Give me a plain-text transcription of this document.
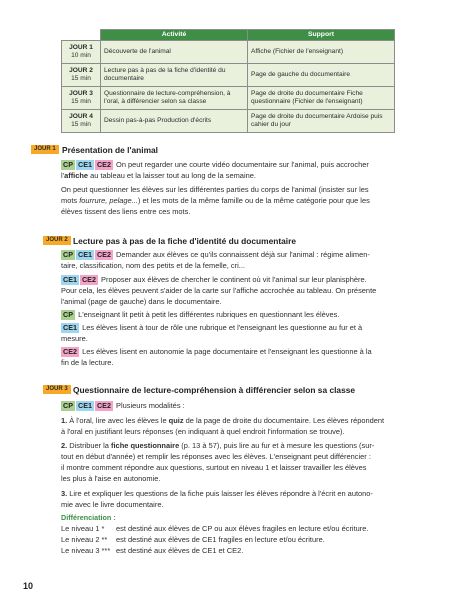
	Activité	Support

JOUR 1
10 min	Découverte de l'animal	Affiche (Fichier de l'enseignant)

JOUR 2
15 min	Lecture pas à pas de la fiche d'identité du documentaire	Page de gauche du documentaire

JOUR 3
15 min	Questionnaire de lecture-compréhension, à l'oral, à différencier selon sa classe	Page de droite du documentaire Fiche questionnaire (Fichier de l'enseignant)

JOUR 4
15 min	Dessin pas-à-pas Production d'écrits	Page de droite du documentaire Ardoise puis cahier du jour
JOUR 1 Présentation de l'animal
CP CE1 CE2 On peut regarder une courte vidéo documentaire sur l'animal, puis accrocher
l'affiche au tableau et la laisser tout au long de la semaine.
On peut questionner les élèves sur les différentes parties du corps de l'animal (insister sur les
mots fourrure, pelage...) et les mots de la même famille ou de la même catégorie pour que les
élèves tissent des liens entre ces mots.
JOUR 2 Lecture pas à pas de la fiche d'identité du documentaire
CP CE1 CE2 Demander aux élèves ce qu'ils connaissent déjà sur l'animal : régime alimen-
taire, classification, nom des petits et de la femelle, cri...
CE1 CE2 Proposer aux élèves de chercher le continent où vit l'animal sur leur planisphère.
Pour cela, les élèves peuvent s'aider de la carte sur l'affiche accrochée au tableau. On présente
l'animal (page de gauche) dans le documentaire.
CP L'enseignant lit petit à petit les différentes rubriques en questionnant les élèves.
CE1 Les élèves lisent à tour de rôle une rubrique et l'enseignant les questionne au fur et à
mesure.
CE2 Les élèves lisent en autonomie la page documentaire et l'enseignant les questionne à la
fin de la lecture.
JOUR 3 Questionnaire de lecture-compréhension à différencier selon sa classe
CP CE1 CE2 Plusieurs modalités :
1. À l'oral, lire avec les élèves le quiz de la page de droite du documentaire. Les élèves répondent
à l'oral en justifiant leurs réponses (en indiquant à quel endroit l'information se trouve).
2. Distribuer la fiche questionnaire (p. 13 à 57), puis lire au fur et à mesure les questions (sur-
tout en début d'année) et remplir les réponses avec les élèves. L'enseignant peut différencier :
il montre comment répondre aux questions, surtout en niveau 1 et laisser travailler les élèves
les plus à l'aise en autonomie.
3. Lire et expliquer les questions de la fiche puis laisser les élèves répondre à l'écrit en autono-
mie avec le livre documentaire.
Différenciation :
Le niveau 1 * est destiné aux élèves de CP ou aux élèves fragiles en lecture et/ou écriture.
Le niveau 2 ** est destiné aux élèves de CE1 fragiles en lecture et/ou écriture.
Le niveau 3 *** est destiné aux élèves de CE1 et CE2.
10
